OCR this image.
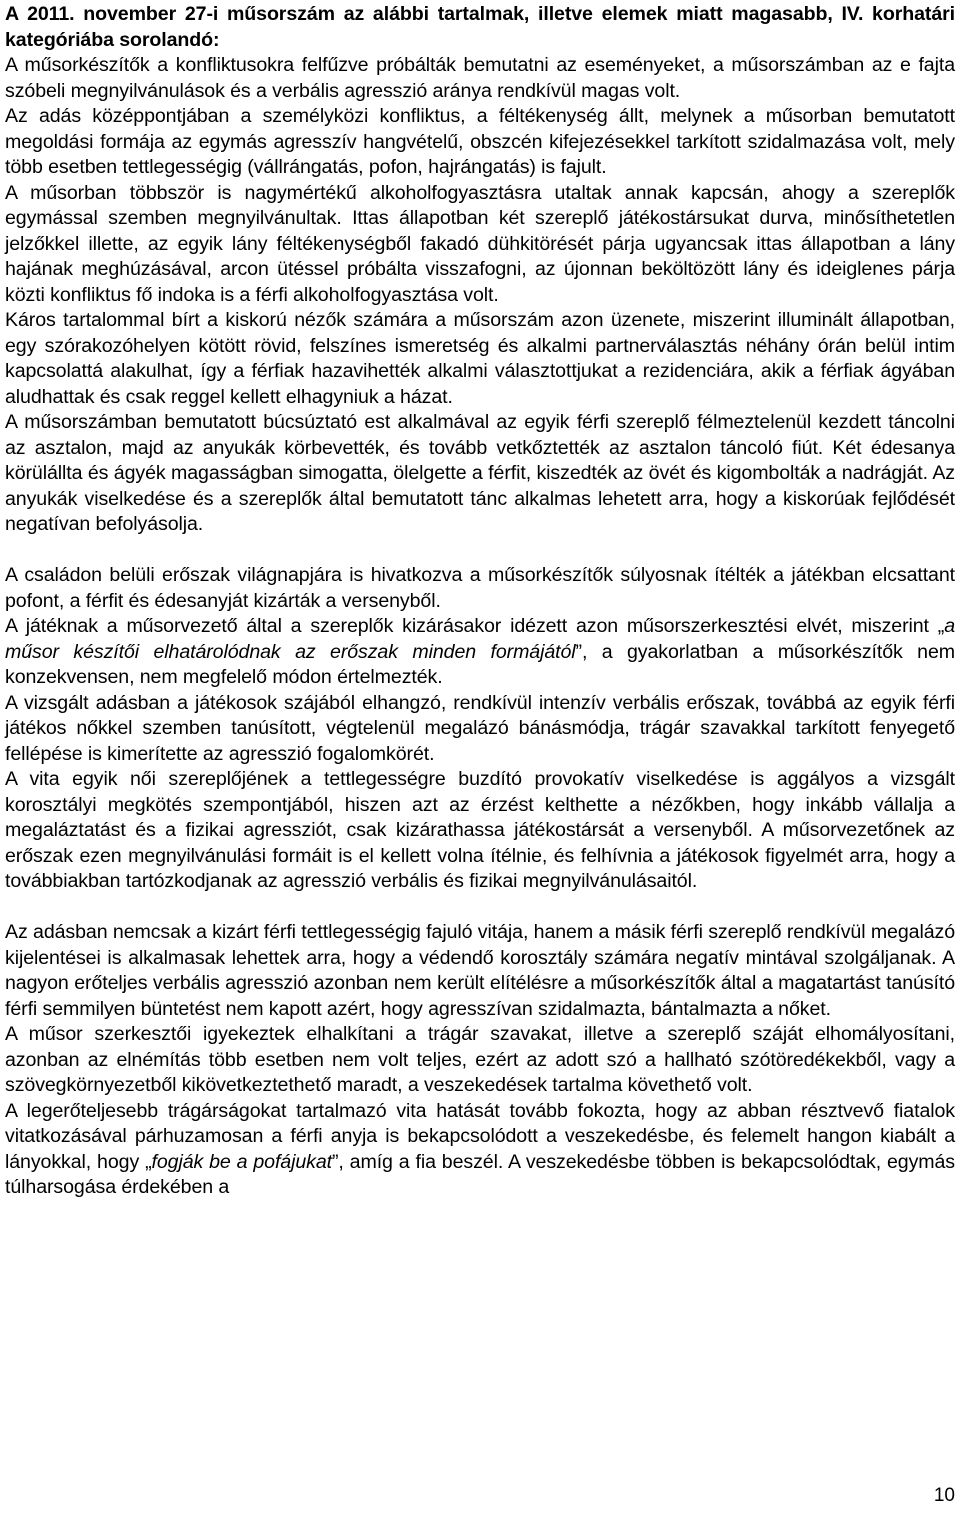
A 2011. november 27-i műsorszám az alábbi tartalmak, illetve elemek miatt magasabb, IV. korhatári kategóriába sorolandó:

A műsorkészítők a konfliktusokra felfűzve próbálták bemutatni az eseményeket, a műsorszámban az e fajta szóbeli megnyilvánulások és a verbális agresszió aránya rendkívül magas volt.

Az adás középpontjában a személyközi konfliktus, a féltékenység állt, melynek a műsorban bemutatott megoldási formája az egymás agresszív hangvételű, obszcén kifejezésekkel tarkított szidalmazása volt, mely több esetben tettlegességig (vállrángatás, pofon, hajrángatás) is fajult.

A műsorban többször is nagymértékű alkoholfogyasztásra utaltak annak kapcsán, ahogy a szereplők egymással szemben megnyilvánultak. Ittas állapotban két szereplő játékostársukat durva, minősíthetetlen jelzőkkel illette, az egyik lány féltékenységből fakadó dühkitörését párja ugyancsak ittas állapotban a lány hajának meghúzásával, arcon ütéssel próbálta visszafogni, az újonnan beköltözött lány és ideiglenes párja közti konfliktus fő indoka is a férfi alkoholfogyasztása volt.

Káros tartalommal bírt a kiskorú nézők számára a műsorszám azon üzenete, miszerint illuminált állapotban, egy szórakozóhelyen kötött rövid, felszínes ismeretség és alkalmi partnerválasztás néhány órán belül intim kapcsolattá alakulhat, így a férfiak hazavihették alkalmi választottjukat a rezidenciára, akik a férfiak ágyában aludhattak és csak reggel kellett elhagyniuk a házat.

A műsorszámban bemutatott búcsúztató est alkalmával az egyik férfi szereplő félmeztelenül kezdett táncolni az asztalon, majd az anyukák körbevették, és tovább vetkőztették az asztalon táncoló fiút. Két édesanya körülállta és ágyék magasságban simogatta, ölelgette a férfit, kiszedték az övét és kigombolták a nadrágját. Az anyukák viselkedése és a szereplők által bemutatott tánc alkalmas lehetett arra, hogy a kiskorúak fejlődését negatívan befolyásolja.

A családon belüli erőszak világnapjára is hivatkozva a műsorkészítők súlyosnak ítélték a játékban elcsattant pofont, a férfit és édesanyját kizárták a versenyből.

A játéknak a műsorvezető által a szereplők kizárásakor idézett azon műsorszerkesztési elvét, miszerint „a műsor készítői elhatárolódnak az erőszak minden formájától”, a gyakorlatban a műsorkészítők nem konzekvensen, nem megfelelő módon értelmezték.

A vizsgált adásban a játékosok szájából elhangzó, rendkívül intenzív verbális erőszak, továbbá az egyik férfi játékos nőkkel szemben tanúsított, végtelenül megalázó bánásmódja, trágár szavakkal tarkított fenyegető fellépése is kimerítette az agresszió fogalomkörét.

A vita egyik női szereplőjének a tettlegességre buzdító provokatív viselkedése is aggályos a vizsgált korosztályi megkötés szempontjából, hiszen azt az érzést kelthette a nézőkben, hogy inkább vállalja a megaláztatást és a fizikai agressziót, csak kizárathassa játékostársát a versenyből. A műsorvezetőnek az erőszak ezen megnyilvánulási formáit is el kellett volna ítélnie, és felhívnia a játékosok figyelmét arra, hogy a továbbiakban tartózkodjanak az agresszió verbális és fizikai megnyilvánulásaitól.

Az adásban nemcsak a kizárt férfi tettlegességig fajuló vitája, hanem a másik férfi szereplő rendkívül megalázó kijelentései is alkalmasak lehettek arra, hogy a védendő korosztály számára negatív mintával szolgáljanak. A nagyon erőteljes verbális agresszió azonban nem került elítélésre a műsorkészítők által a magatartást tanúsító férfi semmilyen büntetést nem kapott azért, hogy agresszívan szidalmazta, bántalmazta a nőket.

A műsor szerkesztői igyekeztek elhalkítani a trágár szavakat, illetve a szereplő száját elhomályosítani, azonban az elnémítás több esetben nem volt teljes, ezért az adott szó a hallható szótöredékekből, vagy a szövegkörnyezetből kikövetkeztethető maradt, a veszekedések tartalma követhető volt.

A legerőteljesebb trágárságokat tartalmazó vita hatását tovább fokozta, hogy az abban résztvevő fiatalok vitatkozásával párhuzamosan a férfi anyja is bekapcsolódott a veszekedésbe, és felemelt hangon kiabált a lányokkal, hogy „fogják be a pofájukat”, amíg a fia beszél. A veszekedésbe többen is bekapcsolódtak, egymás túlharsogása érdekében a

10
